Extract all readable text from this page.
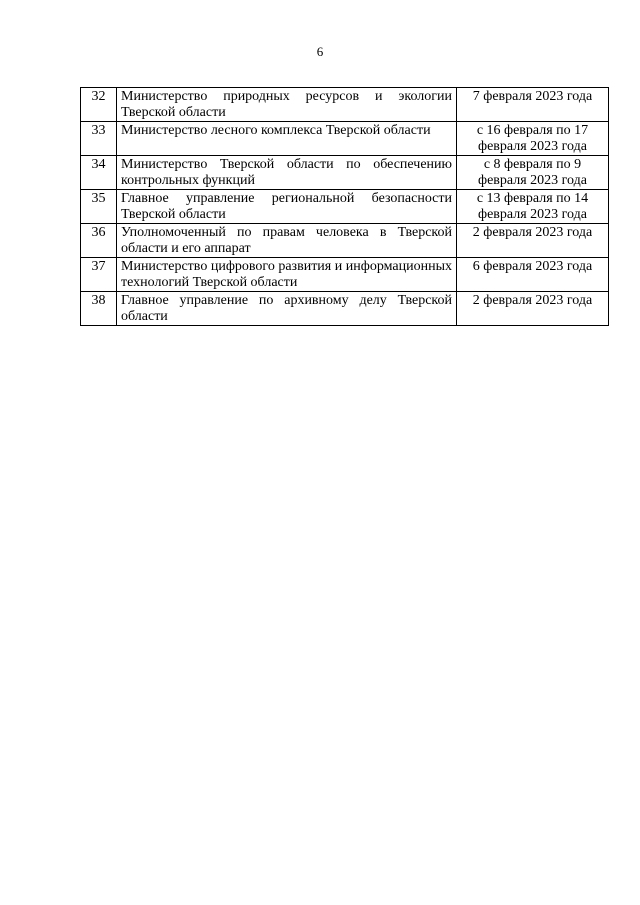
6
32	Министерство природных ресурсов и экологии Тверской области	7 февраля 2023 года
33	Министерство лесного комплекса Тверской области	с 16 февраля по 17 февраля 2023 года
34	Министерство Тверской области по обеспечению контрольных функций	с 8 февраля по 9 февраля 2023 года
35	Главное управление региональной безопасности Тверской области	с 13 февраля по 14 февраля 2023 года
36	Уполномоченный по правам человека в Тверской области и его аппарат	2 февраля 2023 года
37	Министерство цифрового развития и информационных технологий Тверской области	6 февраля 2023 года
38	Главное управление по архивному делу Тверской области	2 февраля 2023 года
